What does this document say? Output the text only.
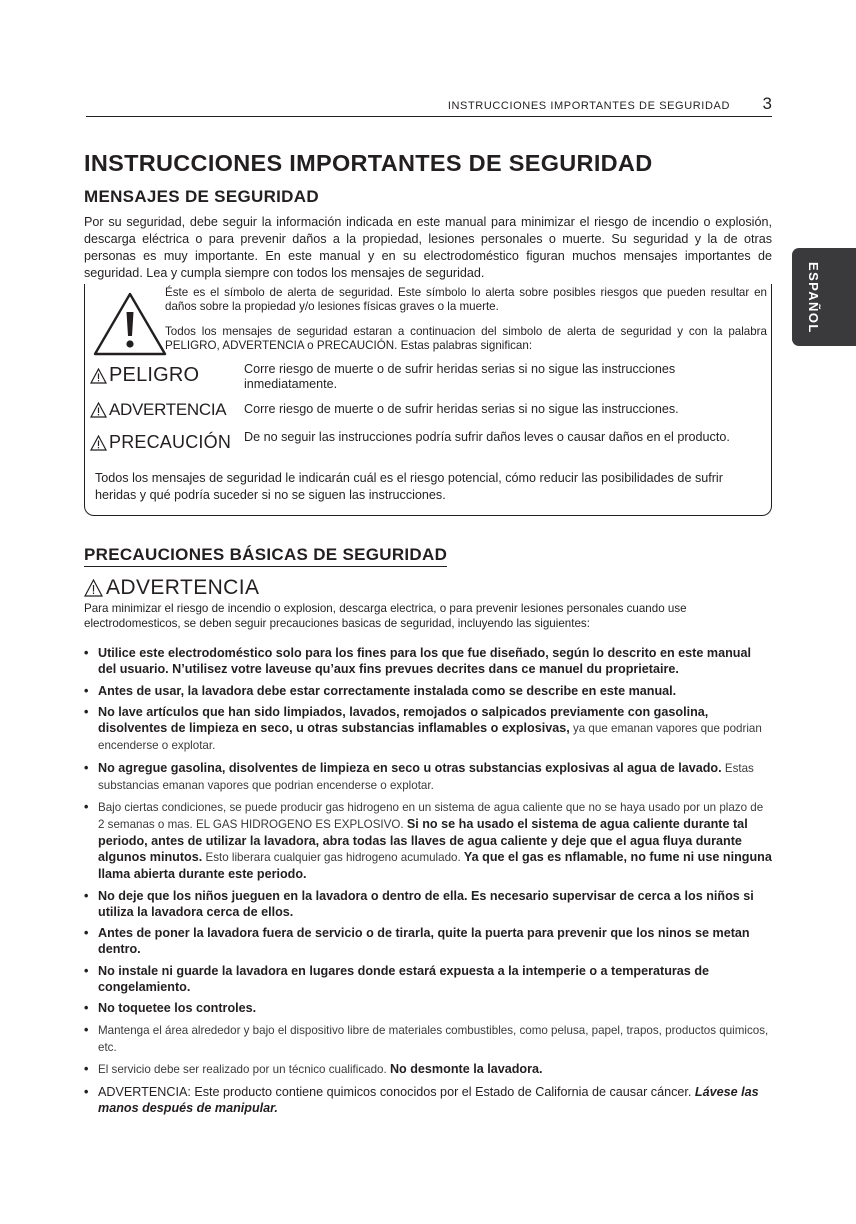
INSTRUCCIONES IMPORTANTES DE SEGURIDAD 3
ESPAÑOL
INSTRUCCIONES IMPORTANTES DE SEGURIDAD
MENSAJES DE SEGURIDAD

Por su seguridad, debe seguir la información indicada en este manual para minimizar el riesgo de incendio o explosión, descarga eléctrica o para prevenir daños a la propiedad, lesiones personales o muerte. Su seguridad y la de otras personas es muy importante. En este manual y en su electrodoméstico figuran muchos mensajes importantes de seguridad. Lea y cumpla siempre con todos los mensajes de seguridad.

Éste es el símbolo de alerta de seguridad. Este símbolo lo alerta sobre posibles riesgos que pueden resultar en daños sobre la propiedad y/o lesiones físicas graves o la muerte.
Todos los mensajes de seguridad estaran a continuacion del simbolo de alerta de seguridad y con la palabra PELIGRO, ADVERTENCIA o PRECAUCIÓN. Estas palabras significan:
PELIGRO	Corre riesgo de muerte o de sufrir heridas serias si no sigue las instrucciones inmediatamente.
ADVERTENCIA Corre riesgo de muerte o de sufrir heridas serias si no sigue las instrucciones.
PRECAUCIÓN De no seguir las instrucciones podría sufrir daños leves o causar daños en el producto.
Todos los mensajes de seguridad le indicarán cuál es el riesgo potencial, cómo reducir las posibilidades de sufrir heridas y qué podría suceder si no se siguen las instrucciones.
PRECAUCIONES BÁSICAS DE SEGURIDAD
ADVERTENCIA

Para minimizar el riesgo de incendio o explosion, descarga electrica, o para prevenir lesiones personales cuando use electrodomesticos, se deben seguir precauciones basicas de seguridad, incluyendo las siguientes:

• Utilice este electrodoméstico solo para los fines para los que fue diseñado, según lo descrito en este manual del usuario. N’utilisez votre laveuse qu’aux fins prevues decrites dans ce manuel du proprietaire.
• Antes de usar, la lavadora debe estar correctamente instalada como se describe en este manual.
• No lave artículos que han sido limpiados, lavados, remojados o salpicados previamente con gasolina, disolventes de limpieza en seco, u otras substancias inflamables o explosivas, ya que emanan vapores que podrian encenderse o explotar.
• No agregue gasolina, disolventes de limpieza en seco u otras substancias explosivas al agua de lavado. Estas substancias emanan vapores que podrian encenderse o explotar.
• Bajo ciertas condiciones, se puede producir gas hidrogeno en un sistema de agua caliente que no se haya usado por un plazo de 2 semanas o mas. EL GAS HIDROGENO ES EXPLOSIVO. Si no se ha usado el sistema de agua caliente durante tal periodo, antes de utilizar la lavadora, abra todas las llaves de agua caliente y deje que el agua fluya durante algunos minutos. Esto liberara cualquier gas hidrogeno acumulado. Ya que el gas es nflamable, no fume ni use ninguna llama abierta durante este periodo.
• No deje que los niños jueguen en la lavadora o dentro de ella. Es necesario supervisar de cerca a los niños si utiliza la lavadora cerca de ellos.
• Antes de poner la lavadora fuera de servicio o de tirarla, quite la puerta para prevenir que los ninos se metan dentro.
• No instale ni guarde la lavadora en lugares donde estará expuesta a la intemperie o a temperaturas de congelamiento.
• No toquetee los controles.
• Mantenga el área alrededor y bajo el dispositivo libre de materiales combustibles, como pelusa, papel, trapos, productos quimicos, etc.
• El servicio debe ser realizado por un técnico cualificado. No desmonte la lavadora.
• ADVERTENCIA: Este producto contiene quimicos conocidos por el Estado de California de causar cáncer. Lávese las manos después de manipular.
